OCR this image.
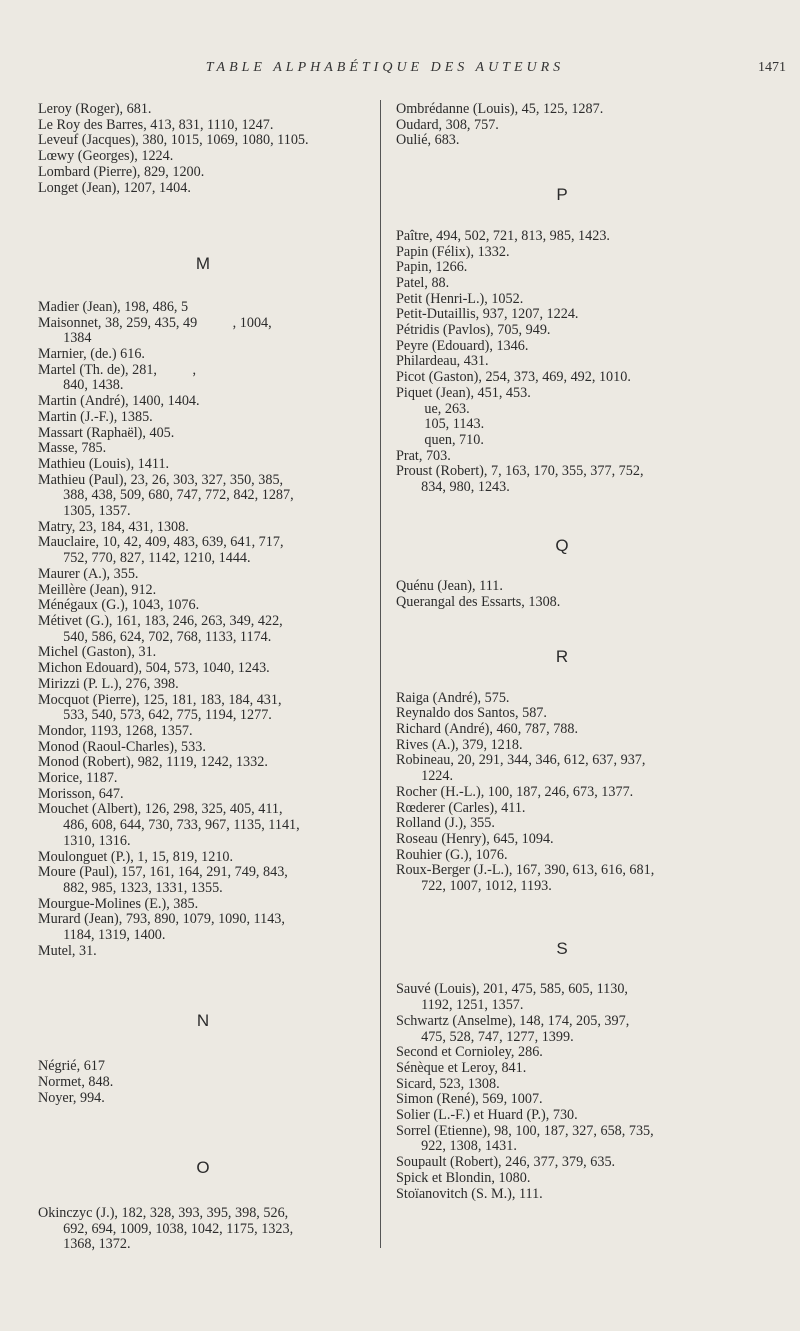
TABLE ALPHABÉTIQUE DES AUTEURS	1471
Leroy (Roger), 681.
Le Roy des Barres, 413, 831, 1110, 1247.
Leveuf (Jacques), 380, 1015, 1069, 1080, 1105.
Lœwy (Georges), 1224.
Lombard (Pierre), 829, 1200.
Longet (Jean), 1207, 1404.
M
Madier (Jean), 198, 486, 5
Maisonnet, 38, 259, 435, 49          , 1004,
1384
Marnier, (de.) 616.
Martel (Th. de), 281,          ,
840, 1438.
Martin (André), 1400, 1404.
Martin (J.-F.), 1385.
Massart (Raphaël), 405.
Masse, 785.
Mathieu (Louis), 1411.
Mathieu (Paul), 23, 26, 303, 327, 350, 385,
388, 438, 509, 680, 747, 772, 842, 1287,
1305, 1357.
Matry, 23, 184, 431, 1308.
Mauclaire, 10, 42, 409, 483, 639, 641, 717,
752, 770, 827, 1142, 1210, 1444.
Maurer (A.), 355.
Meillère (Jean), 912.
Ménégaux (G.), 1043, 1076.
Métivet (G.), 161, 183, 246, 263, 349, 422,
540, 586, 624, 702, 768, 1133, 1174.
Michel (Gaston), 31.
Michon Edouard), 504, 573, 1040, 1243.
Mirizzi (P. L.), 276, 398.
Mocquot (Pierre), 125, 181, 183, 184, 431,
533, 540, 573, 642, 775, 1194, 1277.
Mondor, 1193, 1268, 1357.
Monod (Raoul-Charles), 533.
Monod (Robert), 982, 1119, 1242, 1332.
Morice, 1187.
Morisson, 647.
Mouchet (Albert), 126, 298, 325, 405, 411,
486, 608, 644, 730, 733, 967, 1135, 1141,
1310, 1316.
Moulonguet (P.), 1, 15, 819, 1210.
Moure (Paul), 157, 161, 164, 291, 749, 843,
882, 985, 1323, 1331, 1355.
Mourgue-Molines (E.), 385.
Murard (Jean), 793, 890, 1079, 1090, 1143,
1184, 1319, 1400.
Mutel, 31.
N
Négrié, 617
Normet, 848.
Noyer, 994.
O
Okinczyc (J.), 182, 328, 393, 395, 398, 526,
692, 694, 1009, 1038, 1042, 1175, 1323,
1368, 1372.
Ombrédanne (Louis), 45, 125, 1287.
Oudard, 308, 757.
Oulié, 683.
P
Paître, 494, 502, 721, 813, 985, 1423.
Papin (Félix), 1332.
Papin, 1266.
Patel, 88.
Petit (Henri-L.), 1052.
Petit-Dutaillis, 937, 1207, 1224.
Pétridis (Pavlos), 705, 949.
Peyre (Edouard), 1346.
Philardeau, 431.
Picot (Gaston), 254, 373, 469, 492, 1010.
Piquet (Jean), 451, 453.
ue, 263.
105, 1143.
quen, 710.
Prat, 703.
Proust (Robert), 7, 163, 170, 355, 377, 752,
834, 980, 1243.
Q
Quénu (Jean), 111.
Querangal des Essarts, 1308.
R
Raiga (André), 575.
Reynaldo dos Santos, 587.
Richard (André), 460, 787, 788.
Rives (A.), 379, 1218.
Robineau, 20, 291, 344, 346, 612, 637, 937,
1224.
Rocher (H.-L.), 100, 187, 246, 673, 1377.
Rœderer (Carles), 411.
Rolland (J.), 355.
Roseau (Henry), 645, 1094.
Rouhier (G.), 1076.
Roux-Berger (J.-L.), 167, 390, 613, 616, 681,
722, 1007, 1012, 1193.
S
Sauvé (Louis), 201, 475, 585, 605, 1130,
1192, 1251, 1357.
Schwartz (Anselme), 148, 174, 205, 397,
475, 528, 747, 1277, 1399.
Second et Cornioley, 286.
Sénèque et Leroy, 841.
Sicard, 523, 1308.
Simon (René), 569, 1007.
Solier (L.-F.) et Huard (P.), 730.
Sorrel (Etienne), 98, 100, 187, 327, 658, 735,
922, 1308, 1431.
Soupault (Robert), 246, 377, 379, 635.
Spick et Blondin, 1080.
Stoïanovitch (S. M.), 111.
